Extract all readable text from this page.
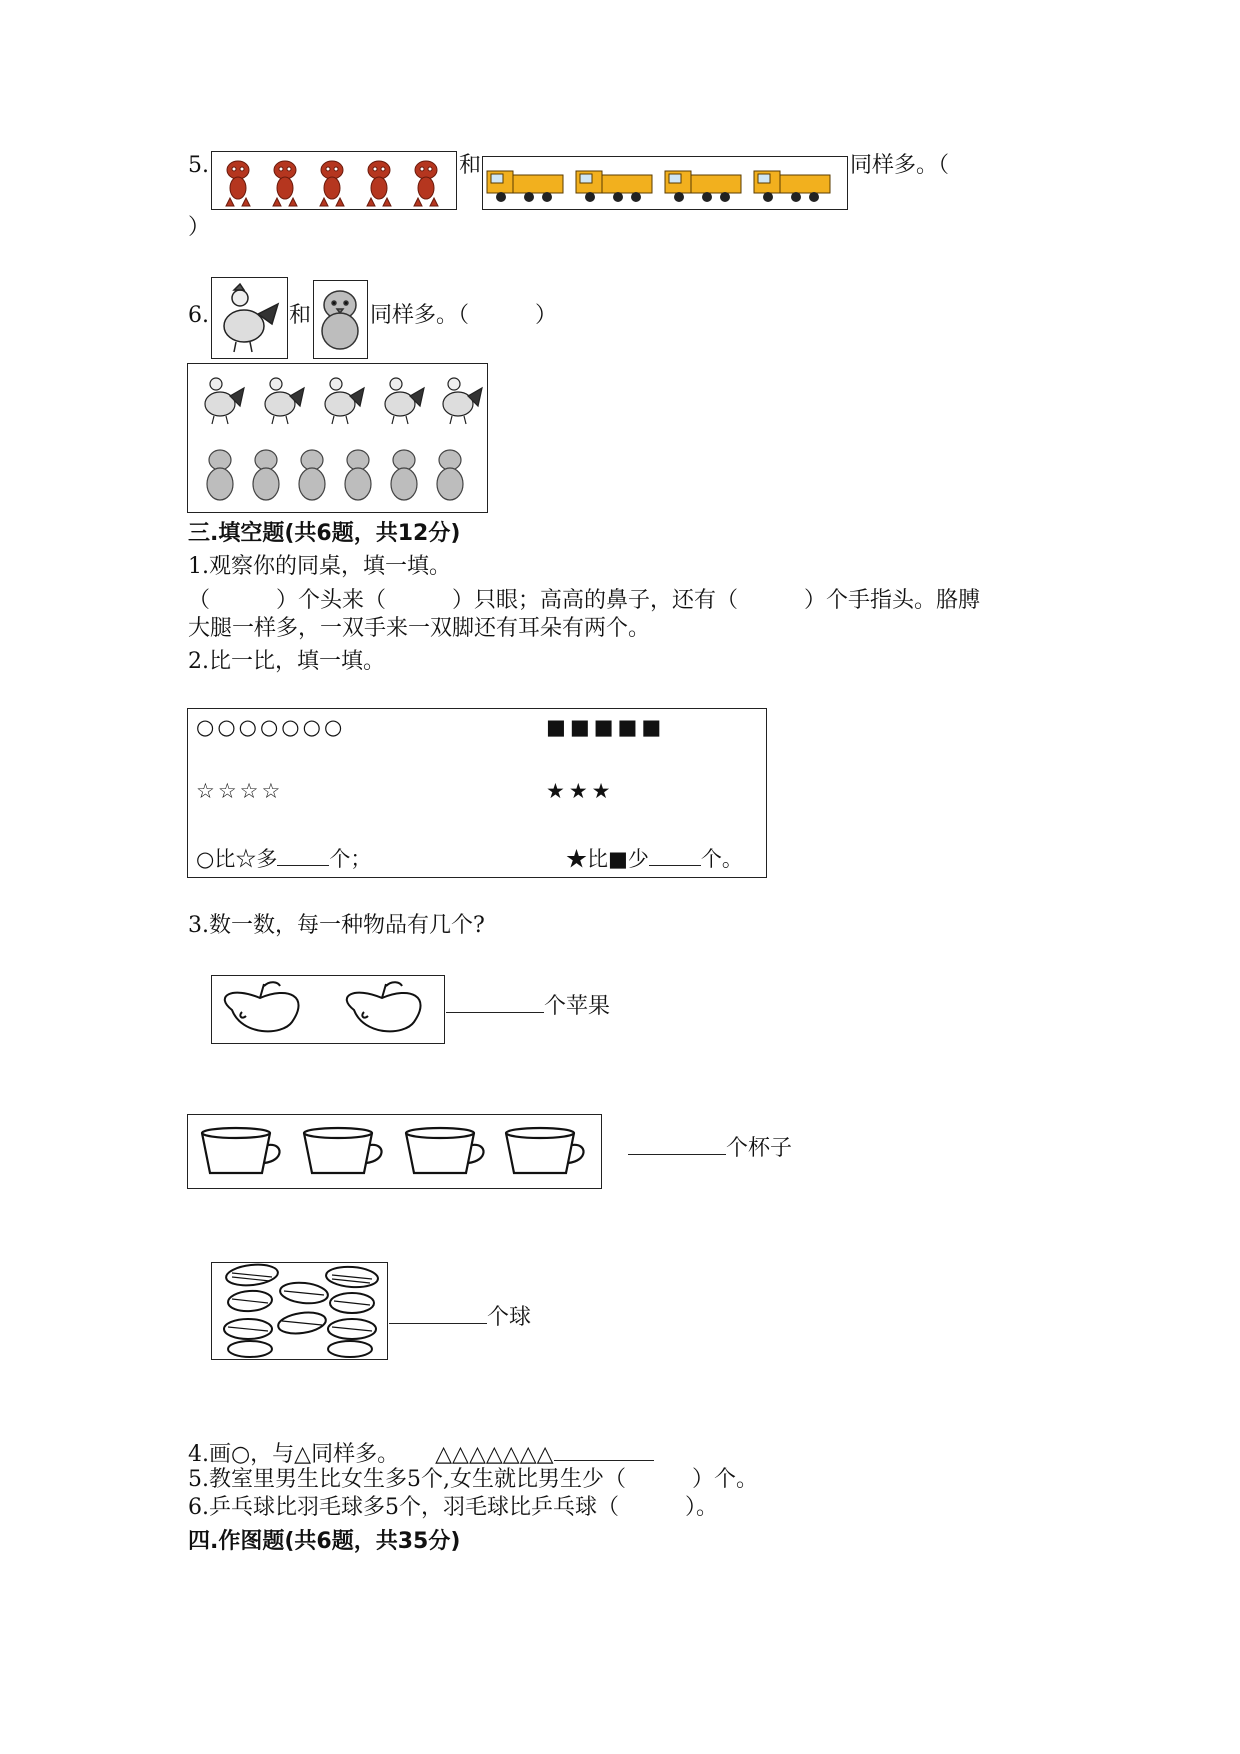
5.	和	同样多。（
）
6.	和	同样多。（　　　）
三.填空题(共6题，共12分)
1.观察你的同桌，填一填。
（　　　）个头来（　　　）只眼；高高的鼻子，还有（　　　）个手指头。胳膊
大腿一样多，一双手来一双脚还有耳朵有两个。
2.比一比，填一填。
○○○○○○○	■■■■■
☆☆☆☆	★★★
○比☆多 个；	★比■少 个。
3.数一数，每一种物品有几个?
个苹果
个杯子
个球
4.画○，与△同样多。 △△△△△△△
5.教室里男生比女生多5个,女生就比男生少（　　　）个。
6.乒乓球比羽毛球多5个，羽毛球比乒乓球（　　　）。
四.作图题(共6题，共35分)
